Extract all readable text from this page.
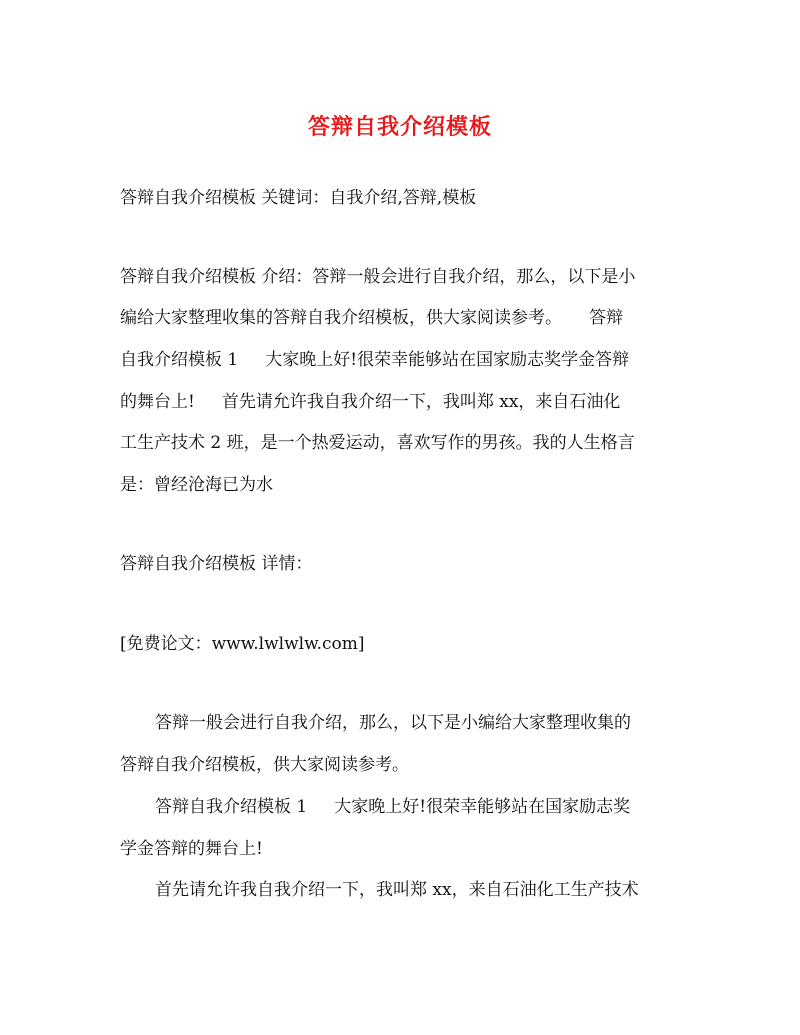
答辩自我介绍模板
答辩自我介绍模板 关键词：自我介绍,答辩,模板
答辩自我介绍模板 介绍：答辩一般会进行自我介绍，那么，以下是小
编给大家整理收集的答辩自我介绍模板，供大家阅读参考。     答辩
自我介绍模板 1     大家晚上好!很荣幸能够站在国家励志奖学金答辩
的舞台上!     首先请允许我自我介绍一下，我叫郑 xx，来自石油化
工生产技术 2 班，是一个热爱运动，喜欢写作的男孩。我的人生格言
是：曾经沧海已为水
答辩自我介绍模板 详情：
[免费论文：www.lwlwlw.com]
答辩一般会进行自我介绍，那么，以下是小编给大家整理收集的
答辩自我介绍模板，供大家阅读参考。
答辩自我介绍模板 1     大家晚上好!很荣幸能够站在国家励志奖
学金答辩的舞台上!
首先请允许我自我介绍一下，我叫郑 xx，来自石油化工生产技术
